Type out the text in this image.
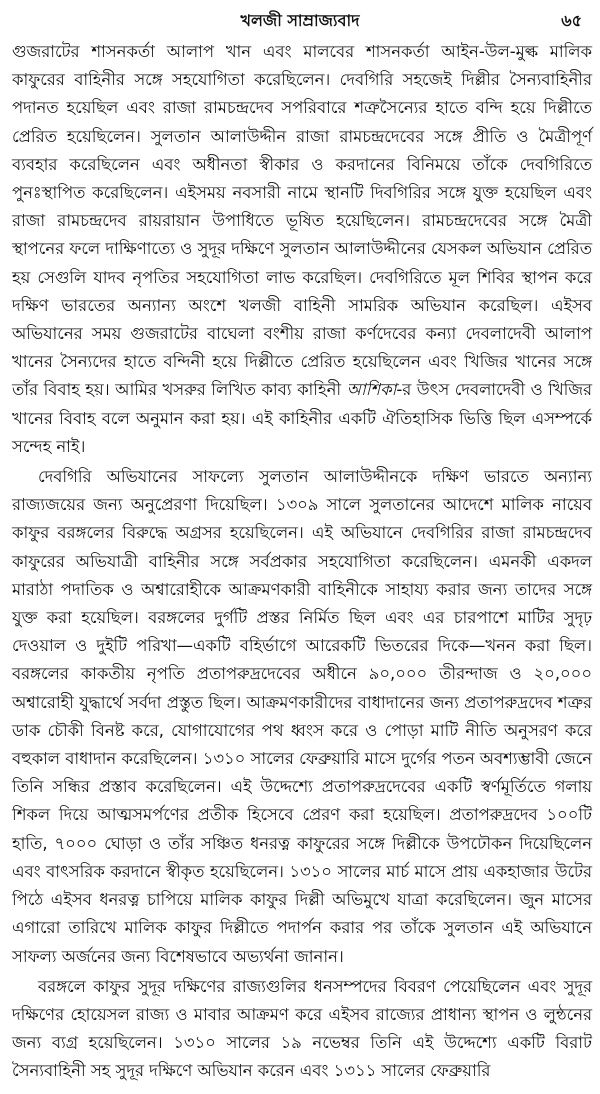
খলজী সাম্রাজ্যবাদ	৬৫

গুজরাটের শাসনকর্তা আলাপ খান এবং মালবের শাসনকর্তা আইন-উল-মুল্ক মালিক কাফুরের বাহিনীর সঙ্গে সহযোগিতা করেছিলেন। দেবগিরি সহজেই দিল্লীর সৈন্যবাহিনীর পদানত হয়েছিল এবং রাজা রামচন্দ্রদেব সপরিবারে শত্রুসৈন্যের হাতে বন্দি হয়ে দিল্লীতে প্রেরিত হয়েছিলেন। সুলতান আলাউদ্দীন রাজা রামচন্দ্রদেবের সঙ্গে প্রীতি ও মৈত্রীপূর্ণ ব্যবহার করেছিলেন এবং অধীনতা স্বীকার ও করদানের বিনিময়ে তাঁকে দেবগিরিতে পুনঃস্থাপিত করেছিলেন। এইসময় নবসারী নামে স্থানটি দিবগিরির সঙ্গে যুক্ত হয়েছিল এবং রাজা রামচন্দ্রদেব রায়রায়ান উপাধিতে ভূষিত হয়েছিলেন। রামচন্দ্রদেবের সঙ্গে মৈত্রী স্থাপনের ফলে দাক্ষিণাত্যে ও সুদূর দক্ষিণে সুলতান আলাউদ্দীনের যেসকল অভিযান প্রেরিত হয় সেগুলি যাদব নৃপতির সহযোগিতা লাভ করেছিল। দেবগিরিতে মূল শিবির স্থাপন করে দক্ষিণ ভারতের অন্যান্য অংশে খলজী বাহিনী সামরিক অভিযান করেছিল। এইসব অভিযানের সময় গুজরাটের বাঘেলা বংশীয় রাজা কর্ণদেবের কন্যা দেবলাদেবী আলাপ খানের সৈন্যদের হাতে বন্দিনী হয়ে দিল্লীতে প্রেরিত হয়েছিলেন এবং খিজির খানের সঙ্গে তাঁর বিবাহ হয়। আমির খসরুর লিখিত কাব্য কাহিনী আশিকা-র উৎস দেবলাদেবী ও খিজির খানের বিবাহ বলে অনুমান করা হয়। এই কাহিনীর একটি ঐতিহাসিক ভিত্তি ছিল এসম্পর্কে সন্দেহ নাই।

দেবগিরি অভিযানের সাফল্যে সুলতান আলাউদ্দীনকে দক্ষিণ ভারতে অন্যান্য রাজ্যজয়ের জন্য অনুপ্রেরণা দিয়েছিল। ১৩০৯ সালে সুলতানের আদেশে মালিক নায়েব কাফুর বরঙ্গলের বিরুদ্ধে অগ্রসর হয়েছিলেন। এই অভিযানে দেবগিরির রাজা রামচন্দ্রদেব কাফুরের অভিযাত্রী বাহিনীর সঙ্গে সর্বপ্রকার সহযোগিতা করেছিলেন। এমনকী একদল মারাঠা পদাতিক ও অশ্বারোহীকে আক্রমণকারী বাহিনীকে সাহায্য করার জন্য তাদের সঙ্গে যুক্ত করা হয়েছিল। বরঙ্গলের দুর্গটি প্রস্তর নির্মিত ছিল এবং এর চারপাশে মাটির সুদৃঢ় দেওয়াল ও দুইটি পরিখা—একটি বহির্ভাগে আরেকটি ভিতরের দিকে—খনন করা ছিল। বরঙ্গলের কাকতীয় নৃপতি প্রতাপরুদ্রদেবের অধীনে ৯০,০০০ তীরন্দাজ ও ২০,০০০ অশ্বারোহী যুদ্ধার্থে সর্বদা প্রস্তুত ছিল। আক্রমণকারীদের বাধাদানের জন্য প্রতাপরুদ্রদেব শত্রুর ডাক চৌকী বিনষ্ট করে, যোগাযোগের পথ ধ্বংস করে ও পোড়া মাটি নীতি অনুসরণ করে বহুকাল বাধাদান করেছিলেন। ১৩১০ সালের ফেব্রুয়ারি মাসে দুর্গের পতন অবশ্যম্ভাবী জেনে তিনি সন্ধির প্রস্তাব করেছিলেন। এই উদ্দেশ্যে প্রতাপরুদ্রদেবের একটি স্বর্ণমূর্তিতে গলায় শিকল দিয়ে আত্মসমর্পণের প্রতীক হিসেবে প্রেরণ করা হয়েছিল। প্রতাপরুদ্রদেব ১০০টি হাতি, ৭০০০ ঘোড়া ও তাঁর সঞ্চিত ধনরত্ন কাফুরের সঙ্গে দিল্লীকে উপঢৌকন দিয়েছিলেন এবং বাৎসরিক করদানে স্বীকৃত হয়েছিলেন। ১৩১০ সালের মার্চ মাসে প্রায় একহাজার উটের পিঠে এইসব ধনরত্ন চাপিয়ে মালিক কাফুর দিল্লী অভিমুখে যাত্রা করেছিলেন। জুন মাসের এগারো তারিখে মালিক কাফুর দিল্লীতে পদার্পন করার পর তাঁকে সুলতান এই অভিযানে সাফল্য অর্জনের জন্য বিশেষভাবে অভ্যর্থনা জানান।

বরঙ্গলে কাফুর সুদূর দক্ষিণের রাজ্যগুলির ধনসম্পদের বিবরণ পেয়েছিলেন এবং সুদূর দক্ষিণের হোয়েসল রাজ্য ও মাবার আক্রমণ করে এইসব রাজ্যের প্রাধান্য স্থাপন ও লুন্ঠনের জন্য ব্যগ্র হয়েছিলেন। ১৩১০ সালের ১৯ নভেম্বর তিনি এই উদ্দেশ্যে একটি বিরাট সৈন্যবাহিনী সহ সুদূর দক্ষিণে অভিযান করেন এবং ১৩১১ সালের ফেব্রুয়ারি
